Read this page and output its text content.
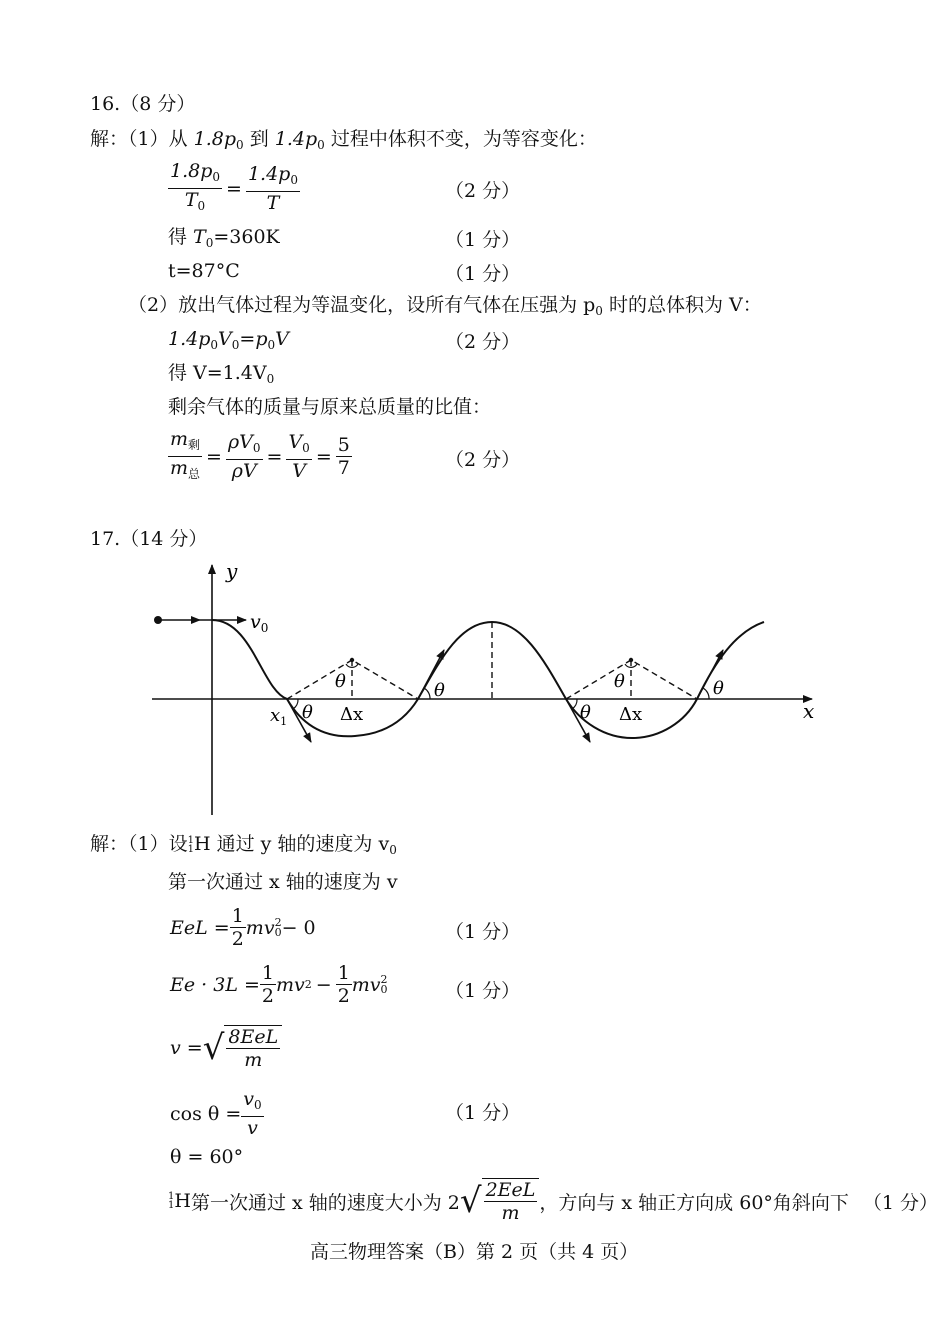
16.（8 分）
解：（1）从 $1.8p_0$ 到 $1.4p_0$ 过程中体积不变，为等容变化：
$\frac{1.8p_0}{T_0} = \frac{1.4p_0}{T}$	（2 分）
得 $T_0=360K$	（1 分）
t=87°C	（1 分）
（2）放出气体过程为等温变化，设所有气体在压强为 $p_0$ 时的总体积为 V：
$1.4p_0V_0=p_0V$	（2 分）
得 $V=1.4V_0$
剩余气体的质量与原来总质量的比值：
$\frac{m_剩}{m_总} = \frac{\rho V_0}{\rho V} = \frac{V_0}{V} = \frac{5}{7}$	（2 分）
17.（14 分）
y
x
$v_0$
$x_1$ θ
θ
θ
θ
θ
θ
Δx	Δx
解：（1）设 1
1 H 通过 y 轴的速度为 $v_0$
第一次通过 x 轴的速度为 v
EeL = $\frac{1}{2}$ mv 2
0 − 0	（1 分）
$Ee \cdot 3L = \frac{1}{2}$ mv $2 - \frac{1}{2}$ mv 2
0	（1 分）
v = √ $\frac{\text{8EeL}}{m}$
$\cos \theta = \frac{v_0}{v}$	（1 分）
θ = 60°
1
1 H 第一次通过 x 轴的速度大小为 2 √ $\frac{\text{2EeL}}{m}$ ，方向与 x 轴正方向成 60°角斜向下 （1 分）
高三物理答案（B）第 2 页（共 4 页）
